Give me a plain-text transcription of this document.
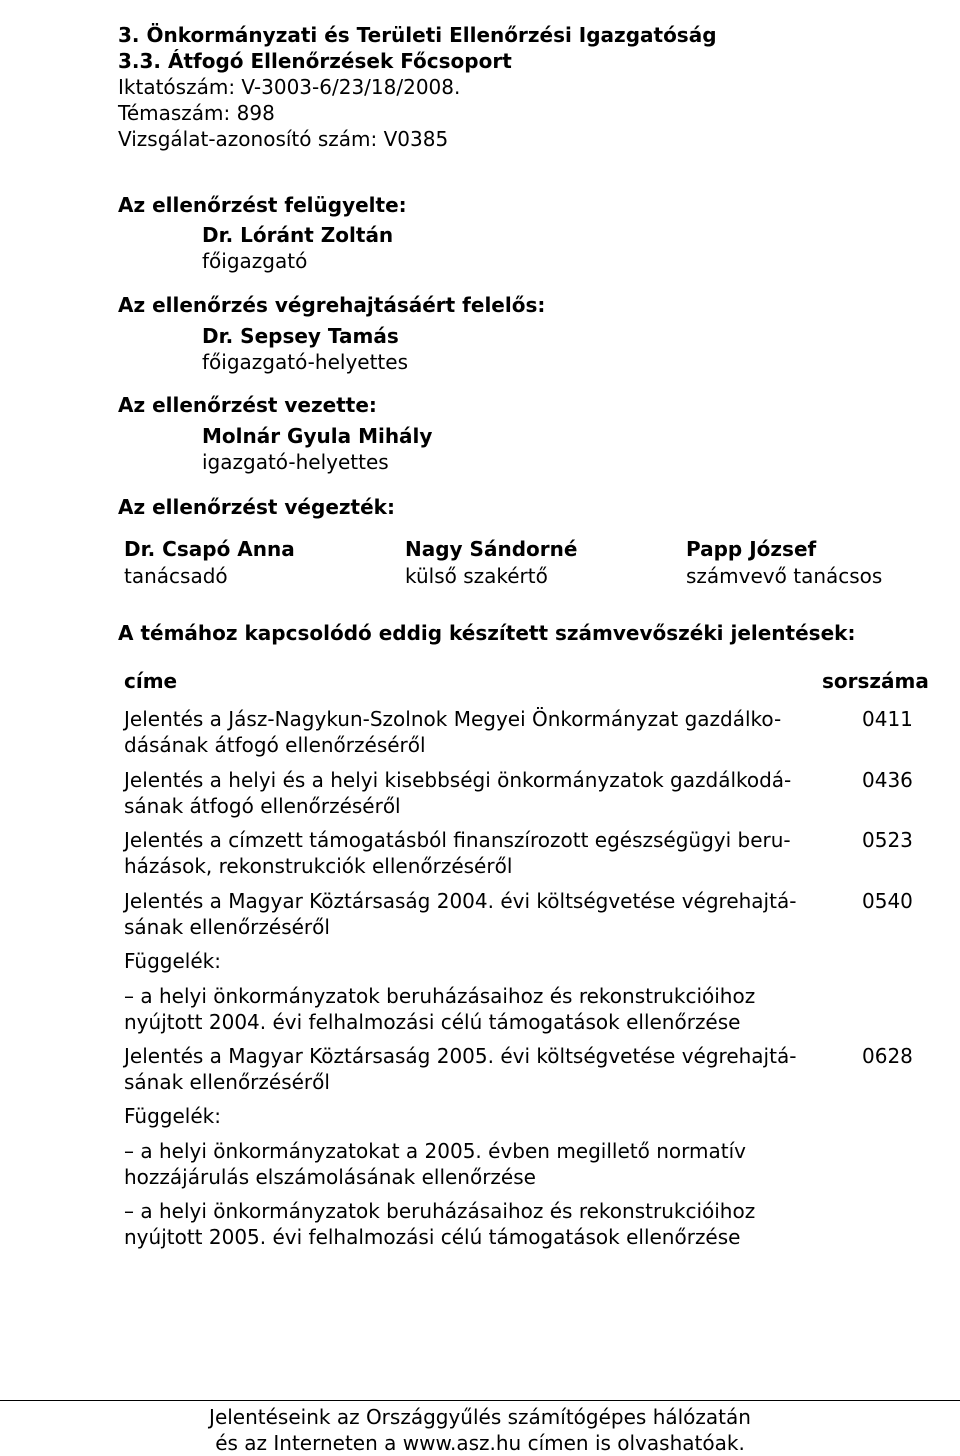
3. Önkormányzati és Területi Ellenőrzési Igazgatóság
3.3. Átfogó Ellenőrzések Főcsoport
Iktatószám: V-3003-6/23/18/2008.
Témaszám: 898
Vizsgálat-azonosító szám: V0385
Az ellenőrzést felügyelte:
Dr. Lóránt Zoltán
főigazgató
Az ellenőrzés végrehajtásáért felelős:
Dr. Sepsey Tamás
főigazgató-helyettes
Az ellenőrzést vezette:
Molnár Gyula Mihály
igazgató-helyettes
Az ellenőrzést végezték:
Dr. Csapó Anna
tanácsadó
Nagy Sándorné
külső szakértő
Papp József
számvevő tanácsos
A témához kapcsolódó eddig készített számvevőszéki jelentések:
címe	sorszáma
Jelentés a Jász-Nagykun-Szolnok Megyei Önkormányzat gazdálko-
dásának átfogó ellenőrzéséről
0411
Jelentés a helyi és a helyi kisebbségi önkormányzatok gazdálkodá-
sának átfogó ellenőrzéséről
0436
Jelentés a címzett támogatásból finanszírozott egészségügyi beru-
házások, rekonstrukciók ellenőrzéséről
0523
Jelentés a Magyar Köztársaság 2004. évi költségvetése végrehajtá-
sának ellenőrzéséről
0540
Függelék:
– a helyi önkormányzatok beruházásaihoz és rekonstrukcióihoz
nyújtott 2004. évi felhalmozási célú támogatások ellenőrzése
Jelentés a Magyar Köztársaság 2005. évi költségvetése végrehajtá-
sának ellenőrzéséről
0628
Függelék:
– a helyi önkormányzatokat a 2005. évben megillető normatív
hozzájárulás elszámolásának ellenőrzése
– a helyi önkormányzatok beruházásaihoz és rekonstrukcióihoz
nyújtott 2005. évi felhalmozási célú támogatások ellenőrzése
Jelentéseink az Országgyűlés számítógépes hálózatán
és az Interneten a www.asz.hu címen is olvashatóak.
